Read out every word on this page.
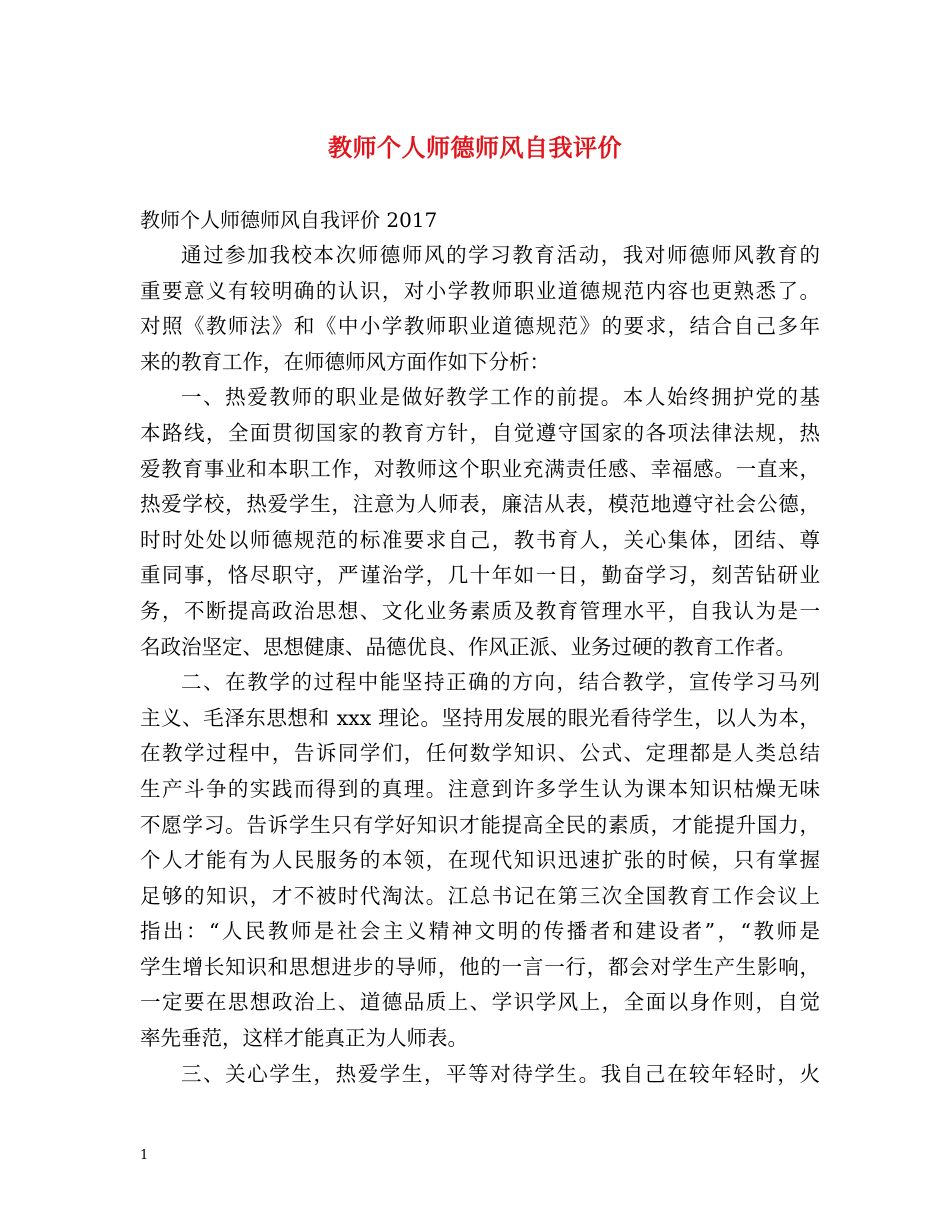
教师个人师德师风自我评价
教师个人师德师风自我评价 2017
通过参加我校本次师德师风的学习教育活动，我对师德师风教育的
重要意义有较明确的认识，对小学教师职业道德规范内容也更熟悉了。
对照《教师法》和《中小学教师职业道德规范》的要求，结合自己多年
来的教育工作，在师德师风方面作如下分析：
一、热爱教师的职业是做好教学工作的前提。本人始终拥护党的基
本路线，全面贯彻国家的教育方针，自觉遵守国家的各项法律法规，热
爱教育事业和本职工作，对教师这个职业充满责任感、幸福感。一直来，
热爱学校，热爱学生，注意为人师表，廉洁从表，模范地遵守社会公德，
时时处处以师德规范的标准要求自己，教书育人，关心集体，团结、尊
重同事，恪尽职守，严谨治学，几十年如一日，勤奋学习，刻苦钻研业
务，不断提高政治思想、文化业务素质及教育管理水平，自我认为是一
名政治坚定、思想健康、品德优良、作风正派、业务过硬的教育工作者。
二、在教学的过程中能坚持正确的方向，结合教学，宣传学习马列
主义、毛泽东思想和 xxx 理论。坚持用发展的眼光看待学生，以人为本，
在教学过程中，告诉同学们，任何数学知识、公式、定理都是人类总结
生产斗争的实践而得到的真理。注意到许多学生认为课本知识枯燥无味
不愿学习。告诉学生只有学好知识才能提高全民的素质，才能提升国力，
个人才能有为人民服务的本领，在现代知识迅速扩张的时候，只有掌握
足够的知识，才不被时代淘汰。江总书记在第三次全国教育工作会议上
指出：“人民教师是社会主义精神文明的传播者和建设者”，“教师是
学生增长知识和思想进步的导师，他的一言一行，都会对学生产生影响，
一定要在思想政治上、道德品质上、学识学风上，全面以身作则，自觉
率先垂范，这样才能真正为人师表。
三、关心学生，热爱学生，平等对待学生。我自己在较年轻时，火
1
